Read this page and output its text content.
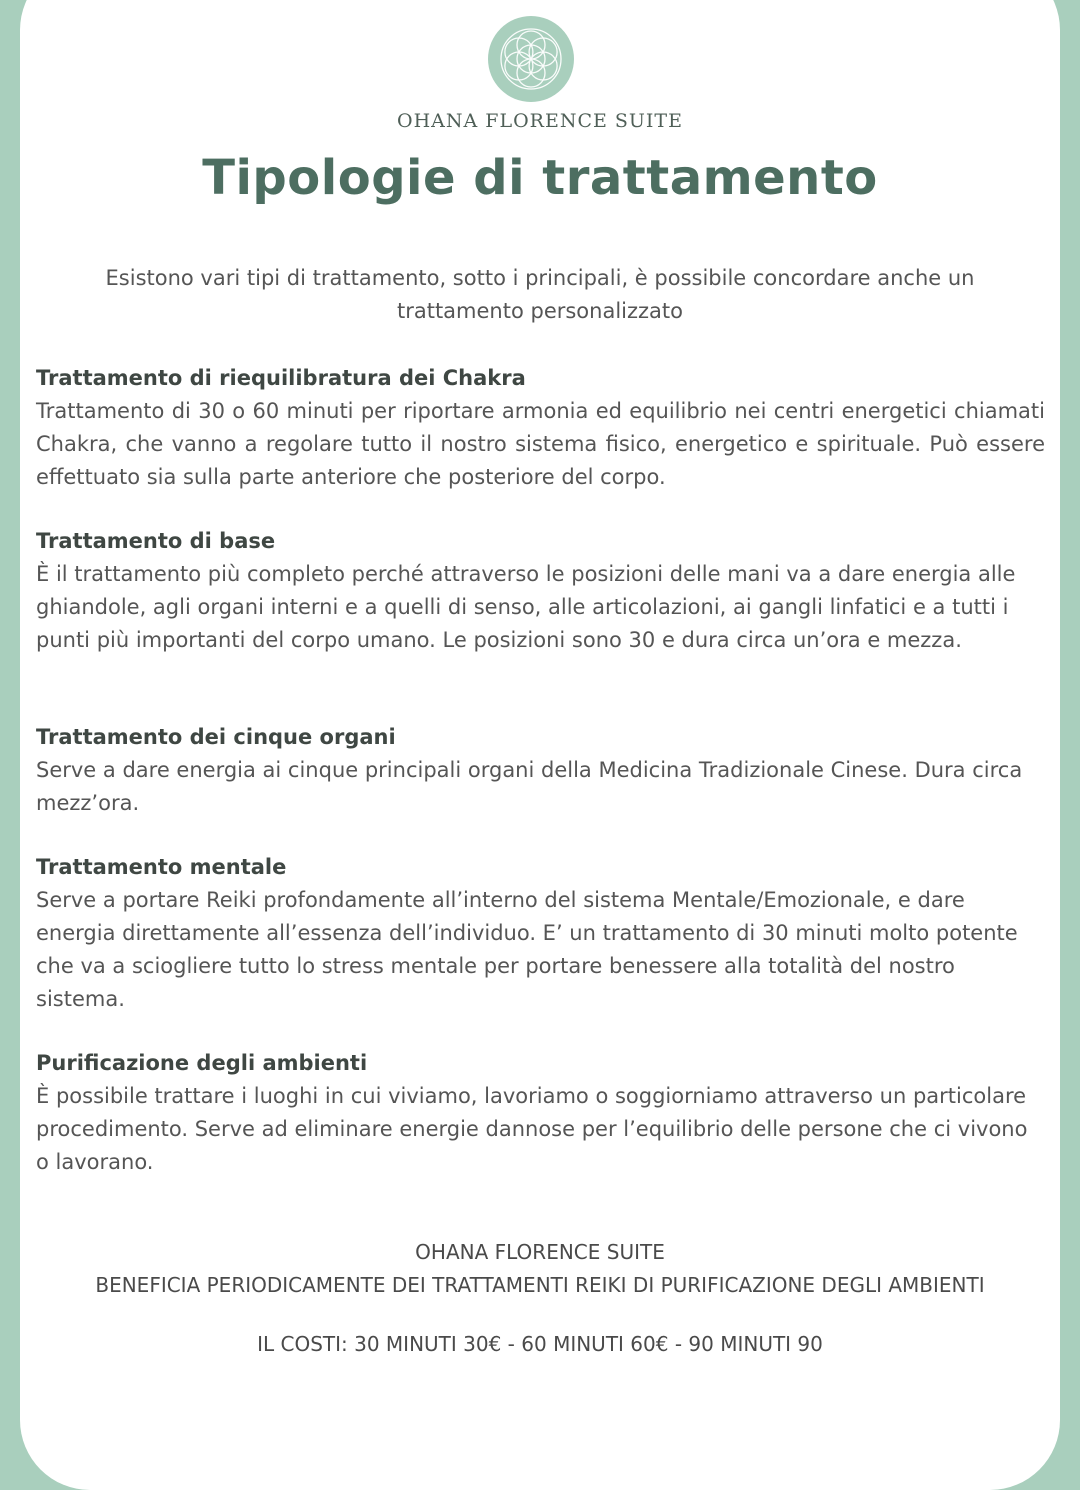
OHANA FLORENCE SUITE
Tipologie di trattamento
Esistono vari tipi di trattamento, sotto i principali, è possibile concordare anche un trattamento personalizzato
Trattamento di riequilibratura dei Chakra

Trattamento di 30 o 60 minuti per riportare armonia ed equilibrio nei centri energetici chiamati Chakra, che vanno a regolare tutto il nostro sistema fisico, energetico e spirituale. Può essere effettuato sia sulla parte anteriore che posteriore del corpo.

Trattamento di base

È il trattamento più completo perché attraverso le posizioni delle mani va a dare energia alle ghiandole, agli organi interni e a quelli di senso, alle articolazioni, ai gangli linfatici e a tutti i punti più importanti del corpo umano. Le posizioni sono 30 e dura circa un’ora e mezza.

Trattamento dei cinque organi

Serve a dare energia ai cinque principali organi della Medicina Tradizionale Cinese. Dura circa mezz’ora.

Trattamento mentale

Serve a portare Reiki profondamente all’interno del sistema Mentale/Emozionale, e dare energia direttamente all’essenza dell’individuo. E’ un trattamento di 30 minuti molto potente che va a sciogliere tutto lo stress mentale per portare benessere alla totalità del nostro sistema.

Purificazione degli ambienti

È possibile trattare i luoghi in cui viviamo, lavoriamo o soggiorniamo attraverso un particolare procedimento. Serve ad eliminare energie dannose per l’equilibrio delle persone che ci vivono o lavorano.

OHANA FLORENCE SUITE
BENEFICIA PERIODICAMENTE DEI TRATTAMENTI REIKI DI PURIFICAZIONE DEGLI AMBIENTI
IL COSTI: 30 MINUTI 30€ - 60 MINUTI 60€ - 90 MINUTI 90
